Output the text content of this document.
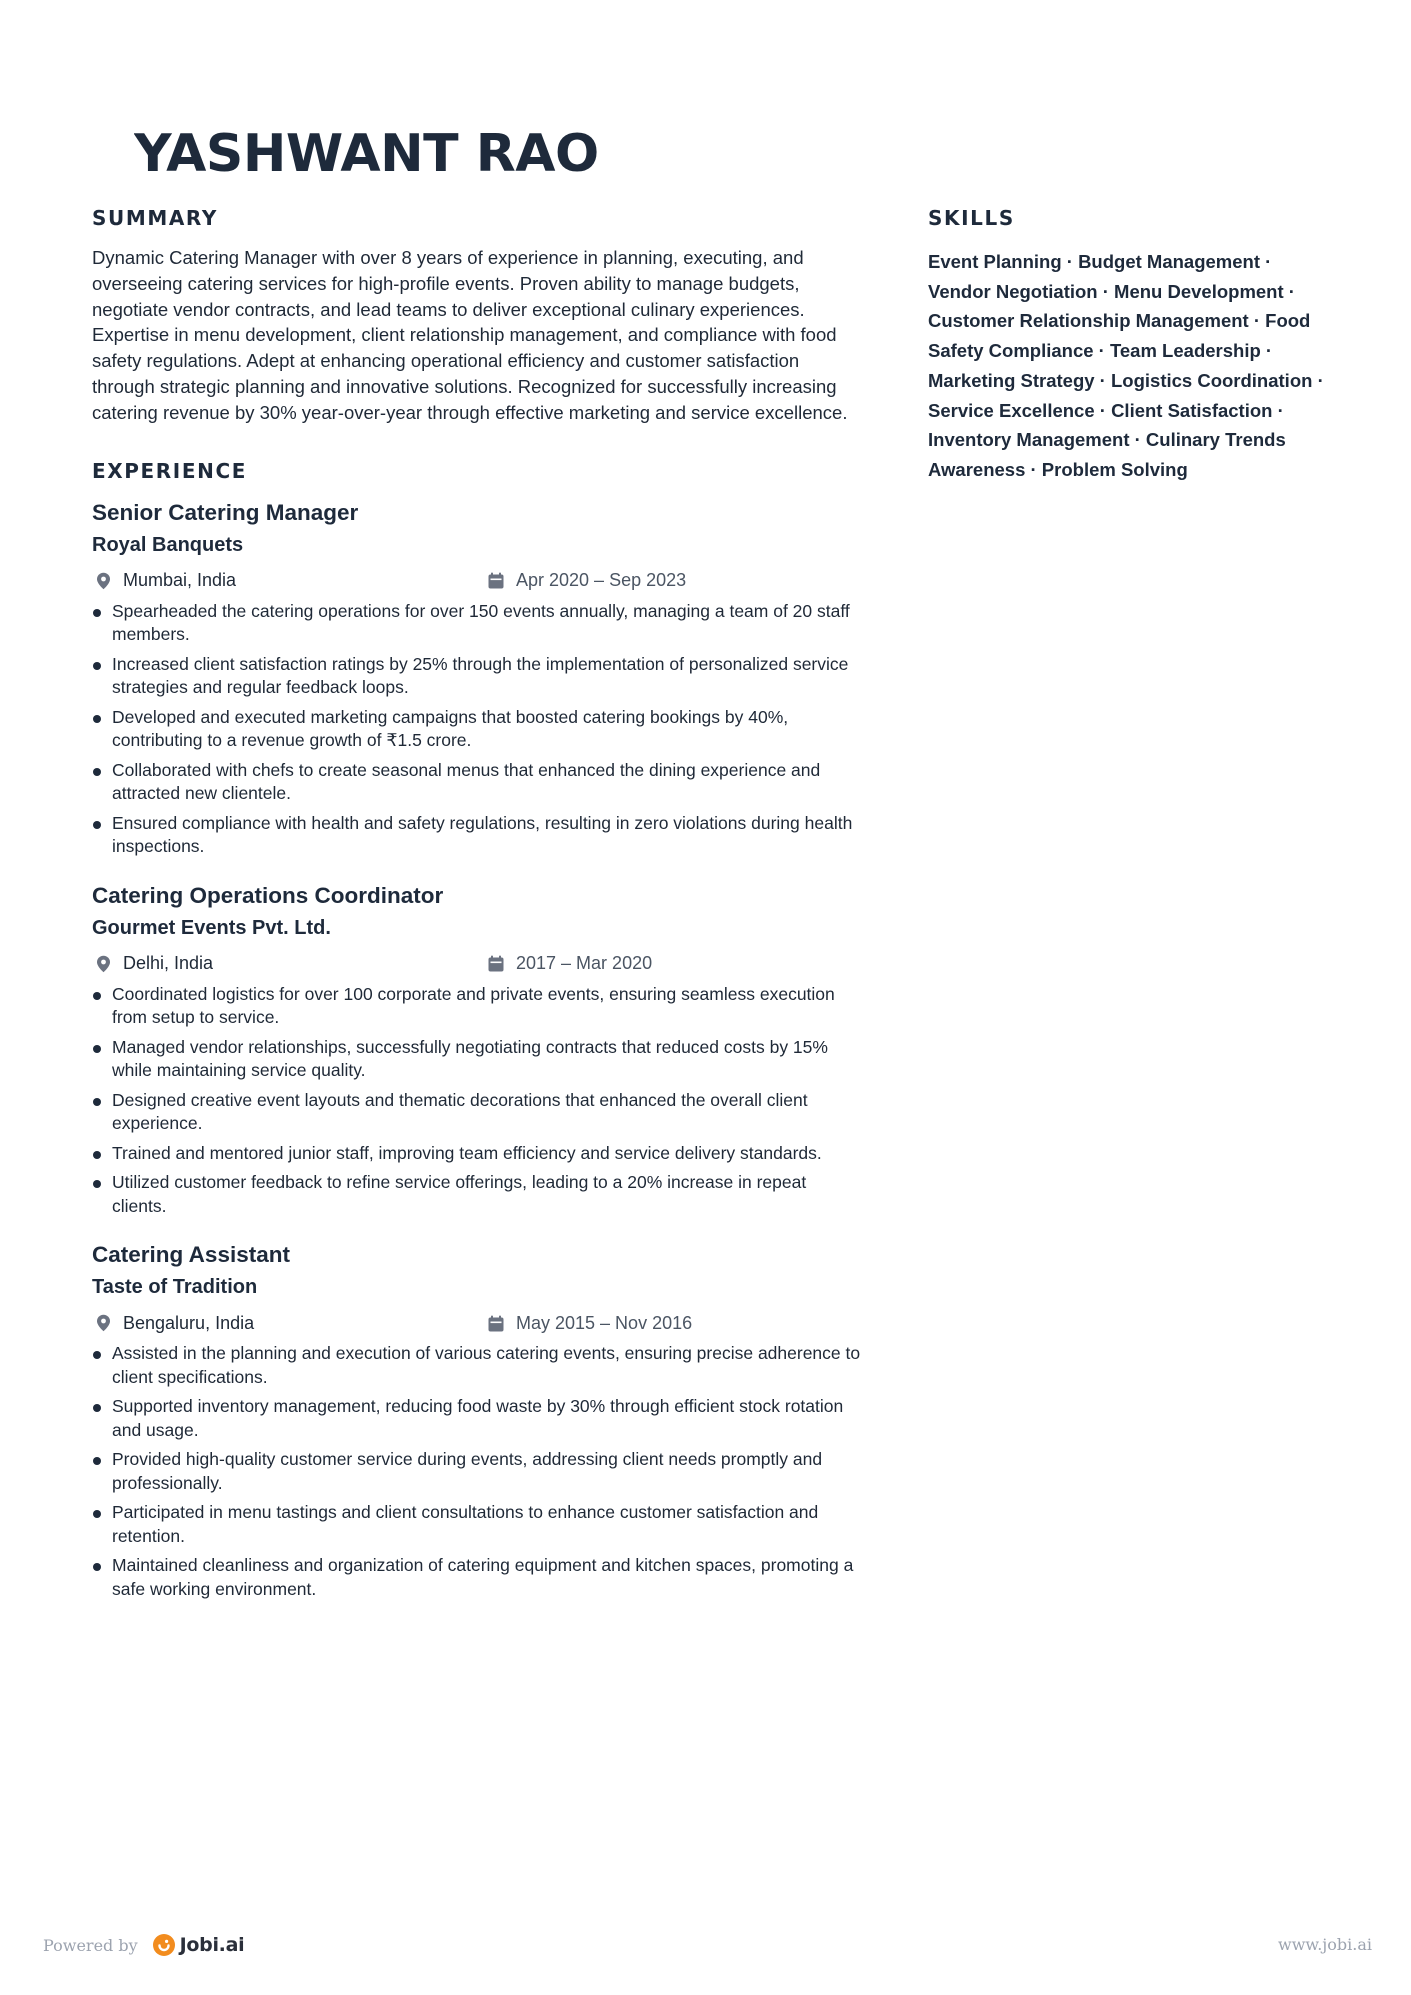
YASHWANT RAO
SUMMARY

Dynamic Catering Manager with over 8 years of experience in planning, executing, and overseeing catering services for high-profile events. Proven ability to manage budgets, negotiate vendor contracts, and lead teams to deliver exceptional culinary experiences. Expertise in menu development, client relationship management, and compliance with food safety regulations. Adept at enhancing operational efficiency and customer satisfaction through strategic planning and innovative solutions. Recognized for successfully increasing catering revenue by 30% year-over-year through effective marketing and service excellence.

EXPERIENCE
Senior Catering Manager
Royal Banquets
Mumbai, India	Apr 2020 – Sep 2023
Spearheaded the catering operations for over 150 events annually, managing a team of 20 staff members.
Increased client satisfaction ratings by 25% through the implementation of personalized service strategies and regular feedback loops.
Developed and executed marketing campaigns that boosted catering bookings by 40%, contributing to a revenue growth of ₹1.5 crore.
Collaborated with chefs to create seasonal menus that enhanced the dining experience and attracted new clientele.
Ensured compliance with health and safety regulations, resulting in zero violations during health inspections.
Catering Operations Coordinator
Gourmet Events Pvt. Ltd.
Delhi, India	2017 – Mar 2020
Coordinated logistics for over 100 corporate and private events, ensuring seamless execution from setup to service.
Managed vendor relationships, successfully negotiating contracts that reduced costs by 15% while maintaining service quality.
Designed creative event layouts and thematic decorations that enhanced the overall client experience.
Trained and mentored junior staff, improving team efficiency and service delivery standards.
Utilized customer feedback to refine service offerings, leading to a 20% increase in repeat clients.
Catering Assistant
Taste of Tradition
Bengaluru, India	May 2015 – Nov 2016
Assisted in the planning and execution of various catering events, ensuring precise adherence to client specifications.
Supported inventory management, reducing food waste by 30% through efficient stock rotation and usage.
Provided high-quality customer service during events, addressing client needs promptly and professionally.
Participated in menu tastings and client consultations to enhance customer satisfaction and retention.
Maintained cleanliness and organization of catering equipment and kitchen spaces, promoting a safe working environment.
SKILLS

Event Planning · Budget Management · Vendor Negotiation · Menu Development · Customer Relationship Management · Food Safety Compliance · Team Leadership · Marketing Strategy · Logistics Coordination · Service Excellence · Client Satisfaction · Inventory Management · Culinary Trends Awareness · Problem Solving

Powered by Jobi.ai	www.jobi.ai
